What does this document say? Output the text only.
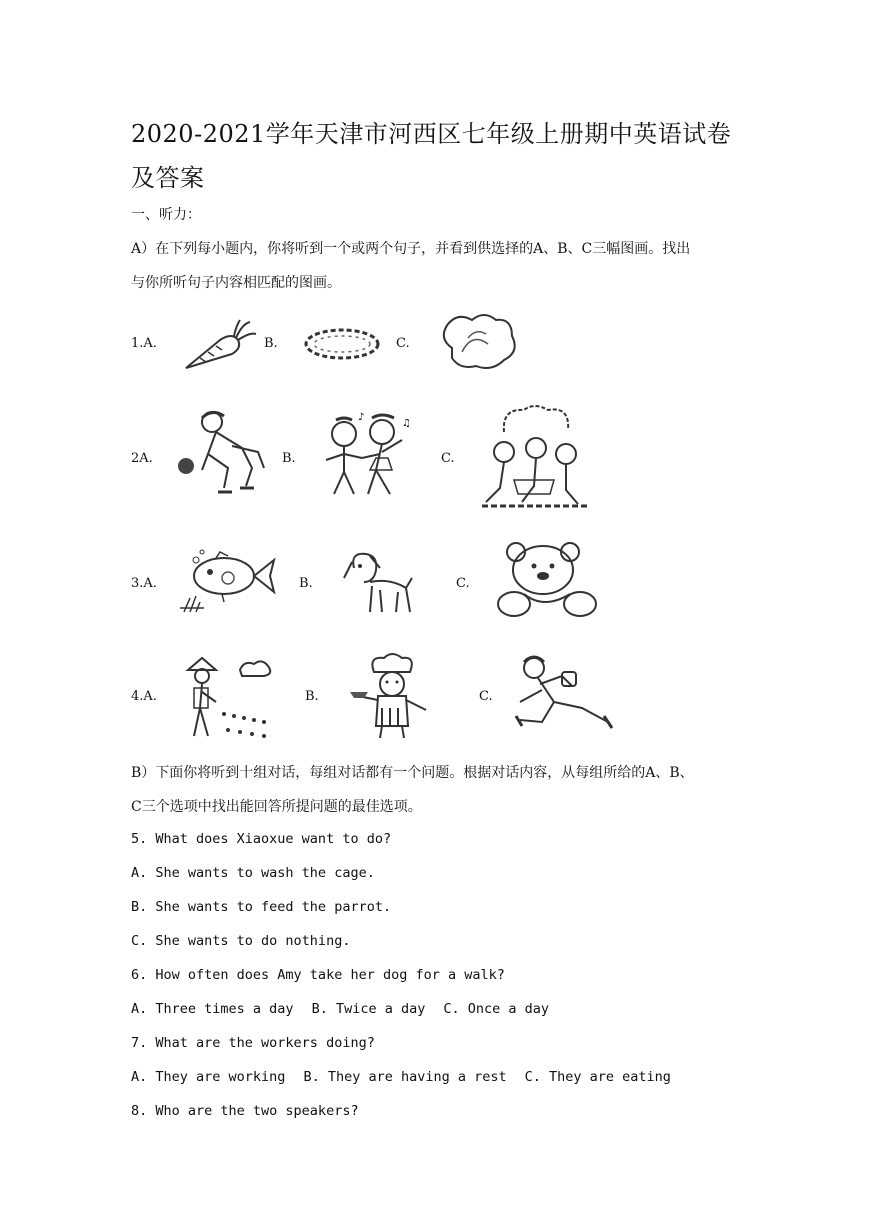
2020-2021学年天津市河西区七年级上册期中英语试卷及答案
一、听力：
A）在下列每小题内，你将听到一个或两个句子，并看到供选择的A、B、C三幅图画。找出
与你所听句子内容相匹配的图画。
1.A.	B.	C.
2A.	B.
♪
♫
C.
3.A.	B.	C.
4.A.	B.	C.
B）下面你将听到十组对话，每组对话都有一个问题。根据对话内容，从每组所给的A、B、
C三个选项中找出能回答所提问题的最佳选项。
5. What does Xiaoxue want to do?
A. She wants to wash the cage.
B. She wants to feed the parrot.
C. She wants to do nothing.
6. How often does Amy take her dog for a walk?
A. Three times a day B. Twice a day C. Once a day
7. What are the workers doing?
A. They are working B. They are having a rest C. They are eating
8. Who are the two speakers?
